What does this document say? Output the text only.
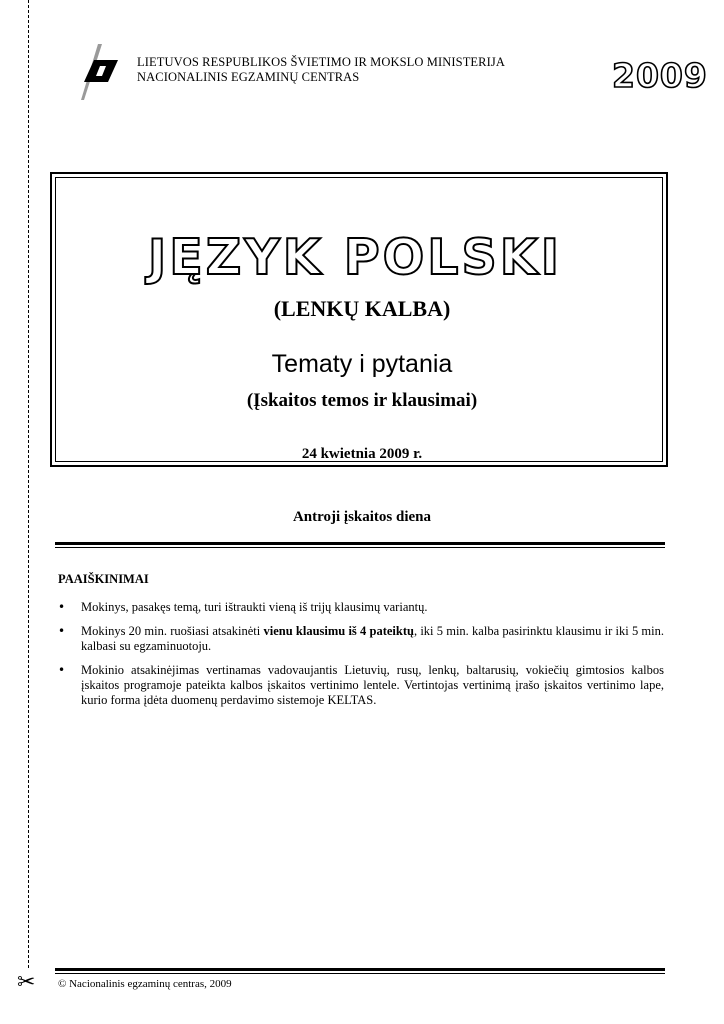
✂
LIETUVOS RESPUBLIKOS ŠVIETIMO IR MOKSLO MINISTERIJA
NACIONALINIS EGZAMINŲ CENTRAS	2009
JĘZYK POLSKI
(LENKŲ KALBA)
Tematy i pytania
(Įskaitos temos ir klausimai)
24 kwietnia 2009 r.
Antroji įskaitos diena
PAAIŠKINIMAI
• Mokinys, pasakęs temą, turi ištraukti vieną iš trijų klausimų variantų.
• Mokinys 20 min. ruošiasi atsakinėti vienu klausimu iš 4 pateiktų, iki 5 min. kalba pasirinktu klausimu ir iki 5 min. kalbasi su egzaminuotoju.
• Mokinio atsakinėjimas vertinamas vadovaujantis Lietuvių, rusų, lenkų, baltarusių, vokiečių gimtosios kalbos įskaitos programoje pateikta kalbos įskaitos vertinimo lentele. Vertintojas vertinimą įrašo įskaitos vertinimo lape, kurio forma įdėta duomenų perdavimo sistemoje KELTAS.
© Nacionalinis egzaminų centras, 2009
